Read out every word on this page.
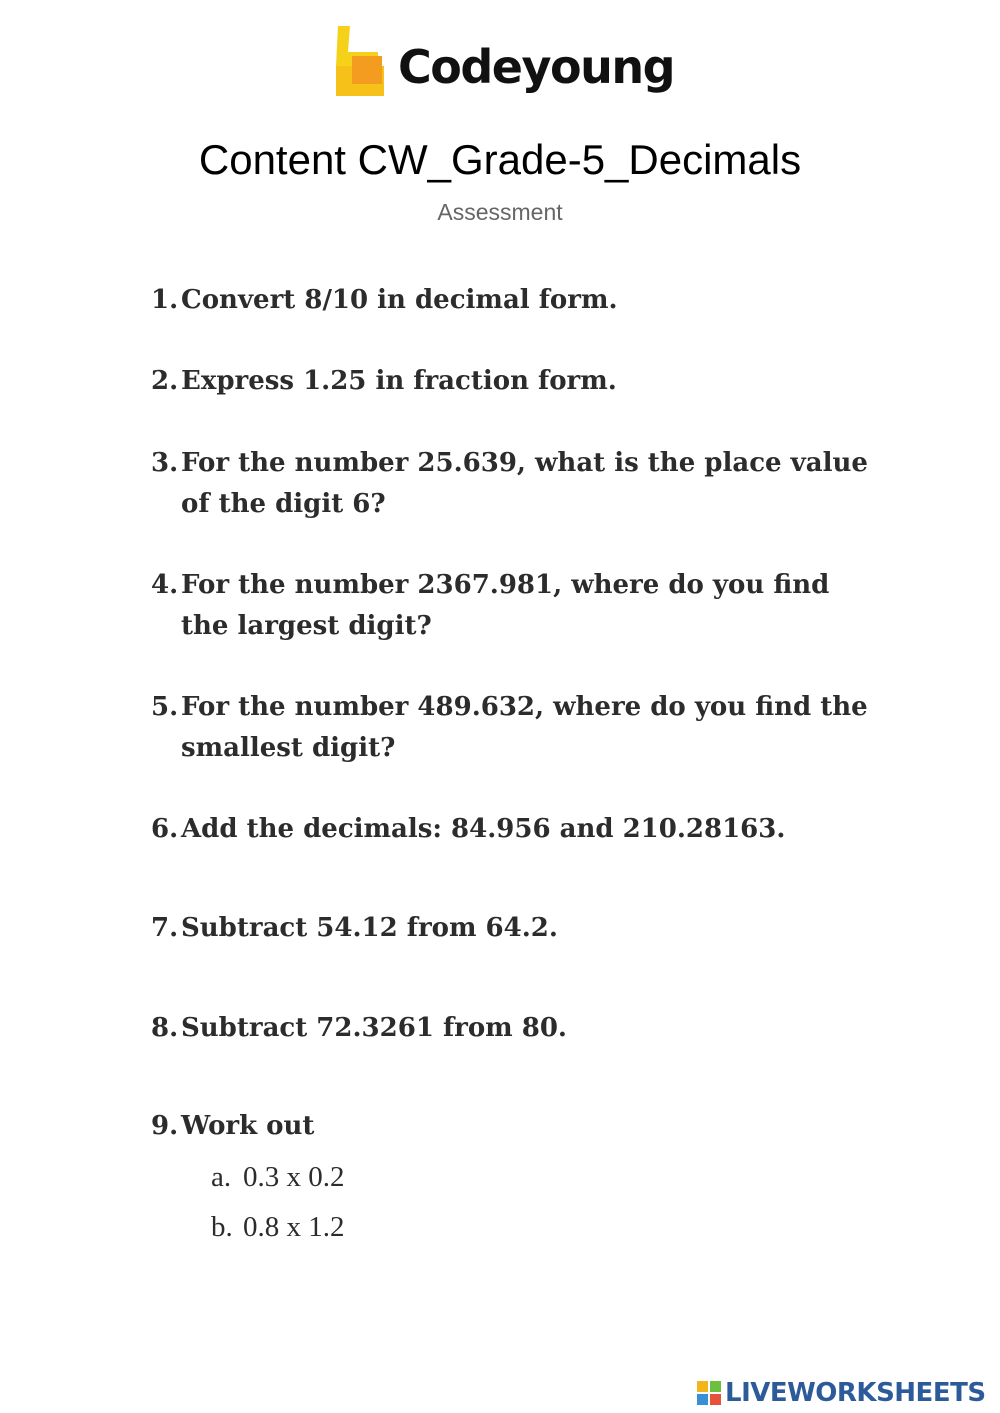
Codeyoung
Content CW_Grade-5_Decimals
Assessment
1. Convert 8/10 in decimal form.
2. Express 1.25 in fraction form.
3. For the number 25.639, what is the place value of the digit 6?
4. For the number 2367.981, where do you find the largest digit?
5. For the number 489.632, where do you find the smallest digit?
6. Add the decimals: 84.956 and 210.28163.
7. Subtract 54.12 from 64.2.
8. Subtract 72.3261 from 80.
9. Work out
a. 0.3 x 0.2
b. 0.8 x 1.2
LIVEWORKSHEETS
